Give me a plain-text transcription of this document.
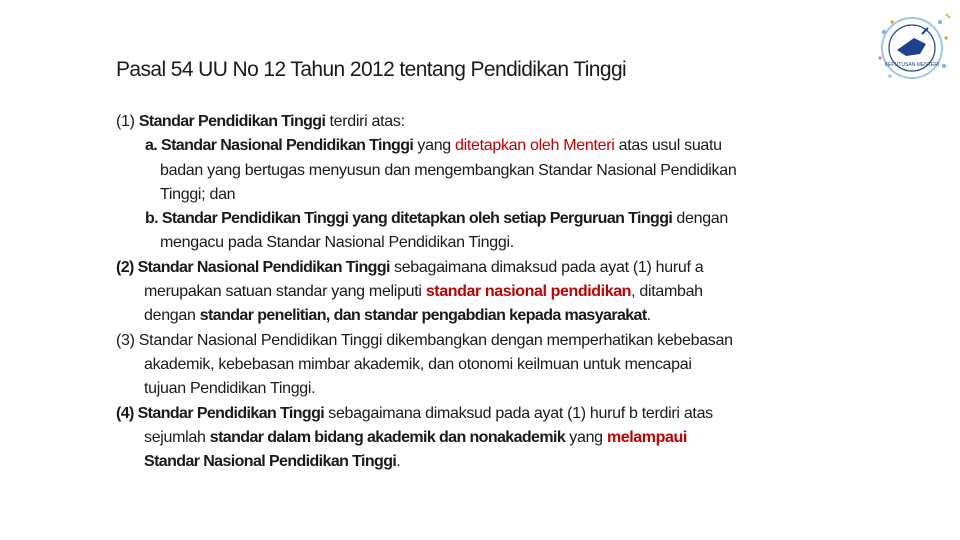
Pasal 54 UU No 12 Tahun 2012 tentang Pendidikan Tinggi	KEPUTUSAN MENTERI

(1) Standar Pendidikan Tinggi terdiri atas:

a. Standar Nasional Pendidikan Tinggi yang ditetapkan oleh Menteri atas usul suatu

badan yang bertugas menyusun dan mengembangkan Standar Nasional Pendidikan

Tinggi; dan

b. Standar Pendidikan Tinggi yang ditetapkan oleh setiap Perguruan Tinggi dengan

mengacu pada Standar Nasional Pendidikan Tinggi.

(2) Standar Nasional Pendidikan Tinggi sebagaimana dimaksud pada ayat (1) huruf a

merupakan satuan standar yang meliputi standar nasional pendidikan, ditambah

dengan standar penelitian, dan standar pengabdian kepada masyarakat.

(3) Standar Nasional Pendidikan Tinggi dikembangkan dengan memperhatikan kebebasan

akademik, kebebasan mimbar akademik, dan otonomi keilmuan untuk mencapai

tujuan Pendidikan Tinggi.

(4) Standar Pendidikan Tinggi sebagaimana dimaksud pada ayat (1) huruf b terdiri atas

sejumlah standar dalam bidang akademik dan nonakademik yang melampaui

Standar Nasional Pendidikan Tinggi.
